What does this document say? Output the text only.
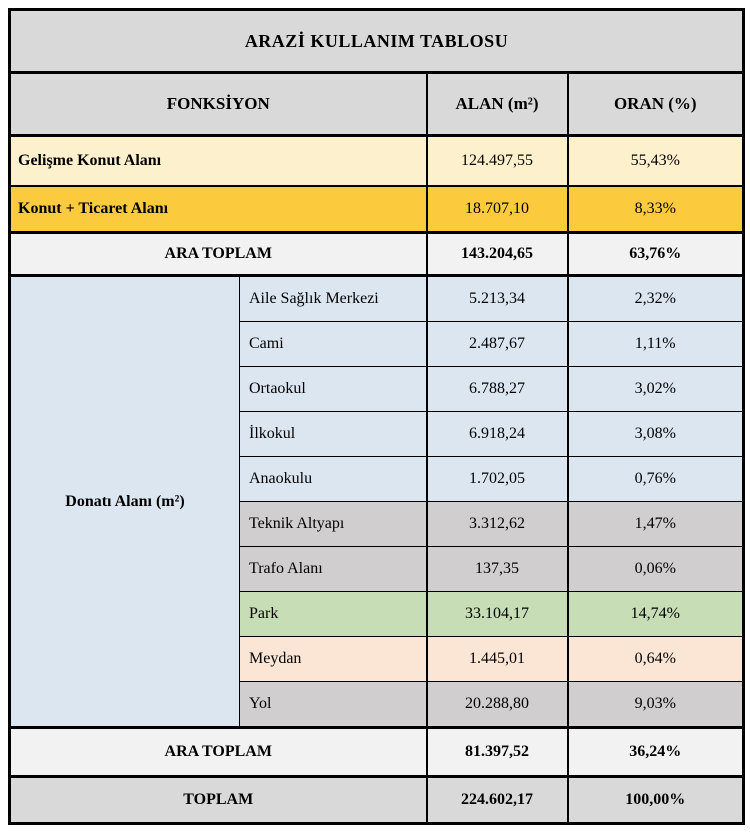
ARAZİ KULLANIM TABLOSU			
FONKSİYON		ALAN (m²)	ORAN (%)
Gelişme Konut Alanı		124.497,55	55,43%
Konut + Ticaret Alanı		18.707,10	8,33%
ARA TOPLAM		143.204,65	63,76%
Donatı Alanı (m²)	Aile Sağlık Merkezi	5.213,34	2,32%
	Cami	2.487,67	1,11%
	Ortaokul	6.788,27	3,02%
	İlkokul	6.918,24	3,08%
	Anaokulu	1.702,05	0,76%
	Teknik Altyapı	3.312,62	1,47%
	Trafo Alanı	137,35	0,06%
	Park	33.104,17	14,74%
	Meydan	1.445,01	0,64%
	Yol	20.288,80	9,03%
ARA TOPLAM		81.397,52	36,24%
TOPLAM		224.602,17	100,00%
